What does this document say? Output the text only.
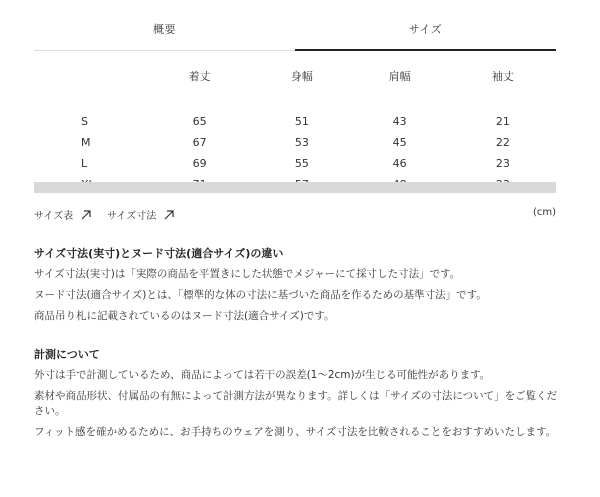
概要	サイズ
	着丈	身幅	肩幅	袖丈

S	65	51	43	21
M	67	53	45	22
L	69	55	46	23

サイズ表	サイズ寸法	(cm)
サイズ寸法(実寸)とヌード寸法(適合サイズ)の違い

サイズ寸法(実寸)は「実際の商品を平置きにした状態でメジャーにて採寸した寸法」です。

ヌード寸法(適合サイズ)とは、「標準的な体の寸法に基づいた商品を作るための基準寸法」です。

商品吊り札に記載されているのはヌード寸法(適合サイズ)です。

計測について

外寸は手で計測しているため、商品によっては若干の誤差(1〜2cm)が生じる可能性があります。

素材や商品形状、付属品の有無によって計測方法が異なります。詳しくは「サイズの寸法について」をご覧ください。

フィット感を確かめるために、お手持ちのウェアを測り、サイズ寸法を比較されることをおすすめいたします。
